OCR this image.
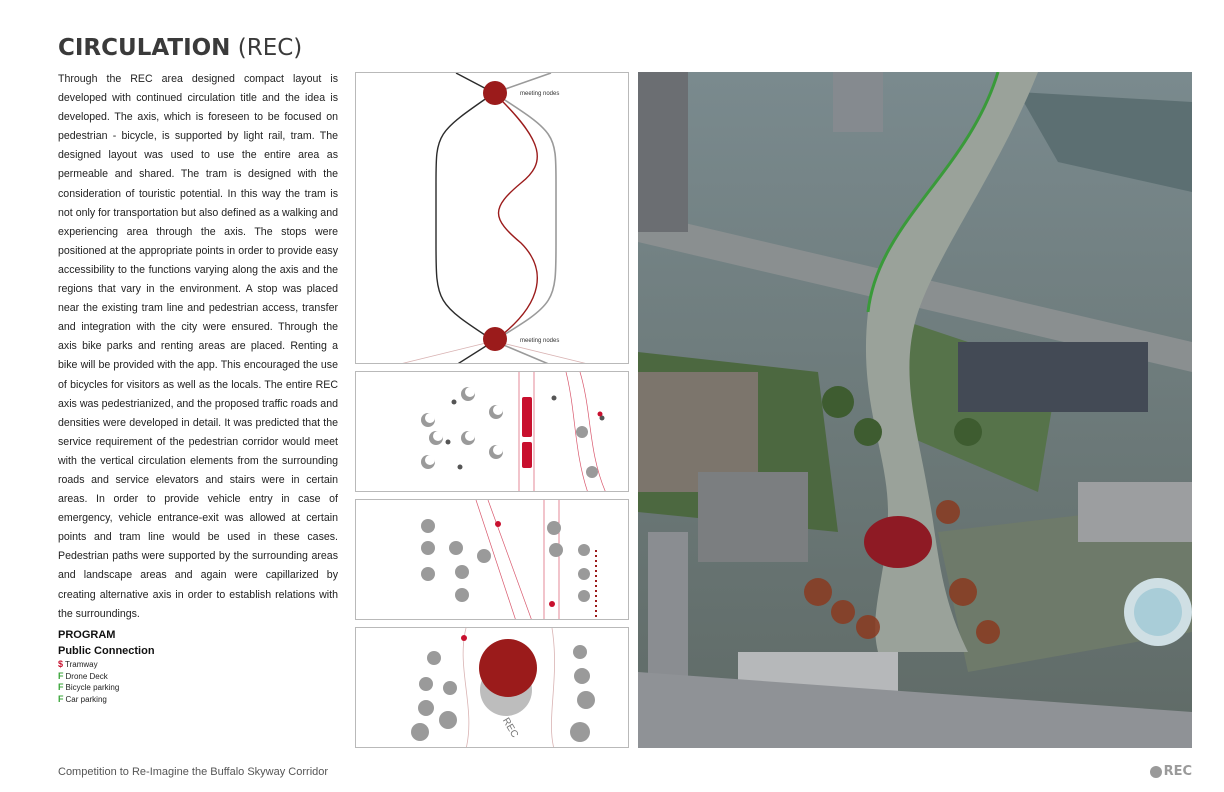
CIRCULATION (REC)

Through the REC area designed compact layout is developed with continued circulation title and the idea is developed. The axis, which is foreseen to be focused on pedestrian - bicycle, is supported by light rail, tram. The designed layout was used to use the entire area as permeable and shared. The tram is designed with the consideration of touristic potential. In this way the tram is not only for transportation but also defined as a walking and experiencing area through the axis. The stops were positioned at the appropriate points in order to provide easy accessibility to the functions varying along the axis and the regions that vary in the environment. A stop was placed near the existing tram line and pedestrian access, transfer and integration with the city were ensured. Through the axis bike parks and renting areas are placed. Renting a bike will be provided with the app. This encouraged the use of bicycles for visitors as well as the locals. The entire REC axis was pedestrianized, and the proposed traffic roads and densities were developed in detail. It was predicted that the service requirement of the pedestrian corridor would meet with the vertical circulation elements from the surrounding roads and service elevators and stairs were in certain areas. In order to provide vehicle entry in case of emergency, vehicle entrance-exit was allowed at certain points and tram line would be used in these cases. Pedestrian paths were supported by the surrounding areas and landscape areas and again were capillarized by creating alternative axis in order to establish relations with the surroundings.

PROGRAM
Public Connection
$ Tramway
F Drone Deck
F Bicycle parking
F Car parking
meeting nodes
meeting nodes
REC
Competition to Re-Imagine the Buffalo Skyway Corridor	REC
